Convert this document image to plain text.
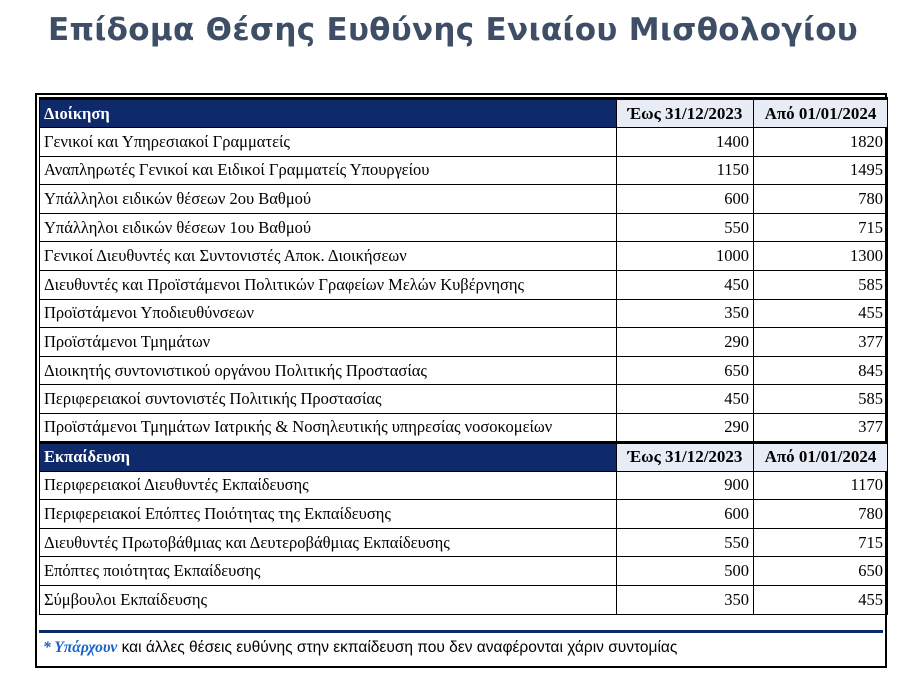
Επίδομα Θέσης Ευθύνης Ενιαίου Μισθολογίου
Διοίκηση	Έως 31/12/2023	Από 01/01/2024
Γενικοί και Υπηρεσιακοί Γραμματείς	1400	1820
Αναπληρωτές Γενικοί και Ειδικοί Γραμματείς Υπουργείου	1150	1495
Υπάλληλοι ειδικών θέσεων 2ου Βαθμού	600	780
Υπάλληλοι ειδικών θέσεων 1ου Βαθμού	550	715
Γενικοί Διευθυντές και Συντονιστές Αποκ. Διοικήσεων	1000	1300
Διευθυντές και Προϊστάμενοι Πολιτικών Γραφείων Μελών Κυβέρνησης	450	585
Προϊστάμενοι Υποδιευθύνσεων	350	455
Προϊστάμενοι Τμημάτων	290	377
Διοικητής συντονιστικού οργάνου Πολιτικής Προστασίας	650	845
Περιφερειακοί συντονιστές Πολιτικής Προστασίας	450	585
Προϊστάμενοι Τμημάτων Ιατρικής & Νοσηλευτικής υπηρεσίας νοσοκομείων	290	377
Εκπαίδευση	Έως 31/12/2023	Από 01/01/2024
Περιφερειακοί Διευθυντές Εκπαίδευσης	900	1170
Περιφερειακοί Επόπτες Ποιότητας της Εκπαίδευσης	600	780
Διευθυντές Πρωτοβάθμιας και Δευτεροβάθμιας Εκπαίδευσης	550	715
Επόπτες ποιότητας Εκπαίδευσης	500	650
Σύμβουλοι Εκπαίδευσης	350	455
* Υπάρχουν και άλλες θέσεις ευθύνης στην εκπαίδευση που δεν αναφέρονται χάριν συντομίας
